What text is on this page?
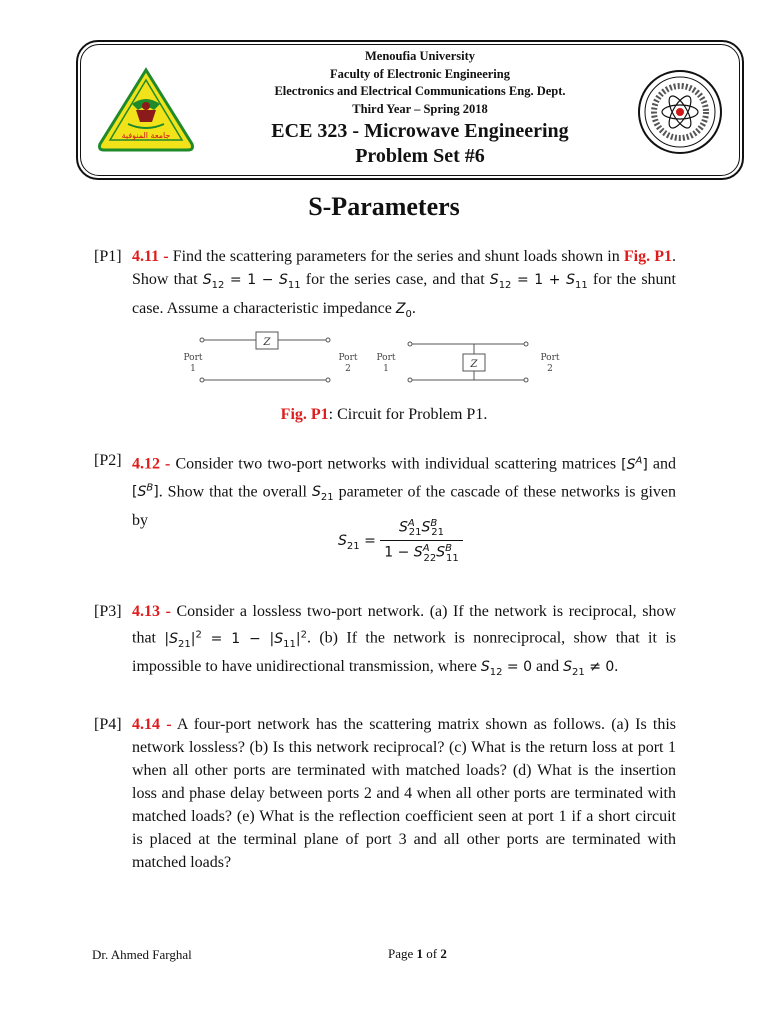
جامعة المنوفية
Menoufia University
Faculty of Electronic Engineering
Electronics and Electrical Communications Eng. Dept.
Third Year – Spring 2018
ECE 323 - Microwave Engineering
Problem Set #6
S-Parameters
[P1] 4.11 - Find the scattering parameters for the series and shunt loads shown in Fig. P1. Show that $S_{12} = 1 - S_{11}$ for the series case, and that $S_{12} = 1 + S_{11}$ for the shunt case. Assume a characteristic impedance $Z_0$.
Z
Port
1
Port
2	Z
Port
1
Port
2
Fig. P1: Circuit for Problem P1.
[P2] 4.12 - Consider two two-port networks with individual scattering matrices $[S^A]$ and $[S^B]$. Show that the overall $S_{21}$ parameter of the cascade of these networks is given by
$S_{21} = \frac{S^A_{21}S^B_{21}}{1 - S^A_{22}S^B_{11}}$
[P3] 4.13 - Consider a lossless two-port network. (a) If the network is reciprocal, show that $|S_{21}|^2 = 1 - |S_{11}|^2$. (b) If the network is nonreciprocal, show that it is impossible to have unidirectional transmission, where $S_{12} = 0$ and $S_{21} \ne 0$.
[P4] 4.14 - A four-port network has the scattering matrix shown as follows. (a) Is this network lossless? (b) Is this network reciprocal? (c) What is the return loss at port 1 when all other ports are terminated with matched loads? (d) What is the insertion loss and phase delay between ports 2 and 4 when all other ports are terminated with matched loads? (e) What is the reflection coefficient seen at port 1 if a short circuit is placed at the terminal plane of port 3 and all other ports are terminated with matched loads?
Dr. Ahmed Farghal	Page 1 of 2
